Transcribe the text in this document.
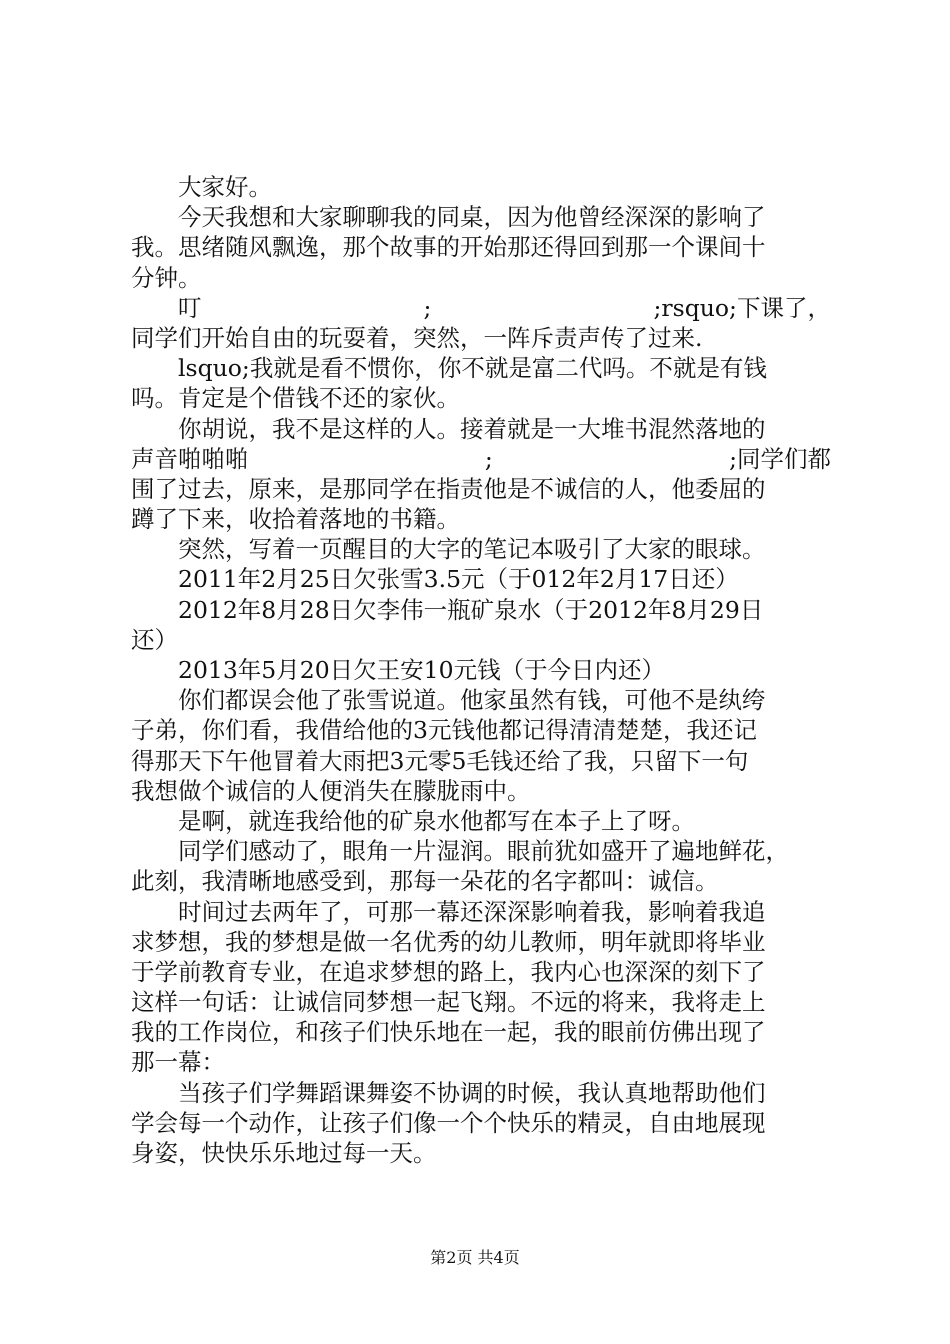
大家好。
今天我想和大家聊聊我的同桌，因为他曾经深深的影响了
我。思绪随风飘逸，那个故事的开始那还得回到那一个课间十
分钟。
叮	;	;rsquo;下课了，
同学们开始自由的玩耍着，突然，一阵斥责声传了过来.
lsquo;我就是看不惯你，你不就是富二代吗。不就是有钱
吗。肯定是个借钱不还的家伙。
你胡说，我不是这样的人。接着就是一大堆书混然落地的
声音啪啪啪	;	;同学们都
围了过去，原来，是那同学在指责他是不诚信的人，他委屈的
蹲了下来，收拾着落地的书籍。
突然，写着一页醒目的大字的笔记本吸引了大家的眼球。
2011年2月25日欠张雪3.5元（于012年2月17日还）
2012年8月28日欠李伟一瓶矿泉水（于2012年8月29日
还）
2013年5月20日欠王安10元钱（于今日内还）
你们都误会他了张雪说道。他家虽然有钱，可他不是纨绔
子弟，你们看，我借给他的3元钱他都记得清清楚楚，我还记
得那天下午他冒着大雨把3元零5毛钱还给了我，只留下一句
我想做个诚信的人便消失在朦胧雨中。
是啊，就连我给他的矿泉水他都写在本子上了呀。
同学们感动了，眼角一片湿润。眼前犹如盛开了遍地鲜花，
此刻，我清晰地感受到，那每一朵花的名字都叫：诚信。
时间过去两年了，可那一幕还深深影响着我，影响着我追
求梦想，我的梦想是做一名优秀的幼儿教师，明年就即将毕业
于学前教育专业，在追求梦想的路上，我内心也深深的刻下了
这样一句话：让诚信同梦想一起飞翔。不远的将来，我将走上
我的工作岗位，和孩子们快乐地在一起，我的眼前仿佛出现了
那一幕：
当孩子们学舞蹈课舞姿不协调的时候，我认真地帮助他们
学会每一个动作，让孩子们像一个个快乐的精灵，自由地展现
身姿，快快乐乐地过每一天。
第2页 共4页
